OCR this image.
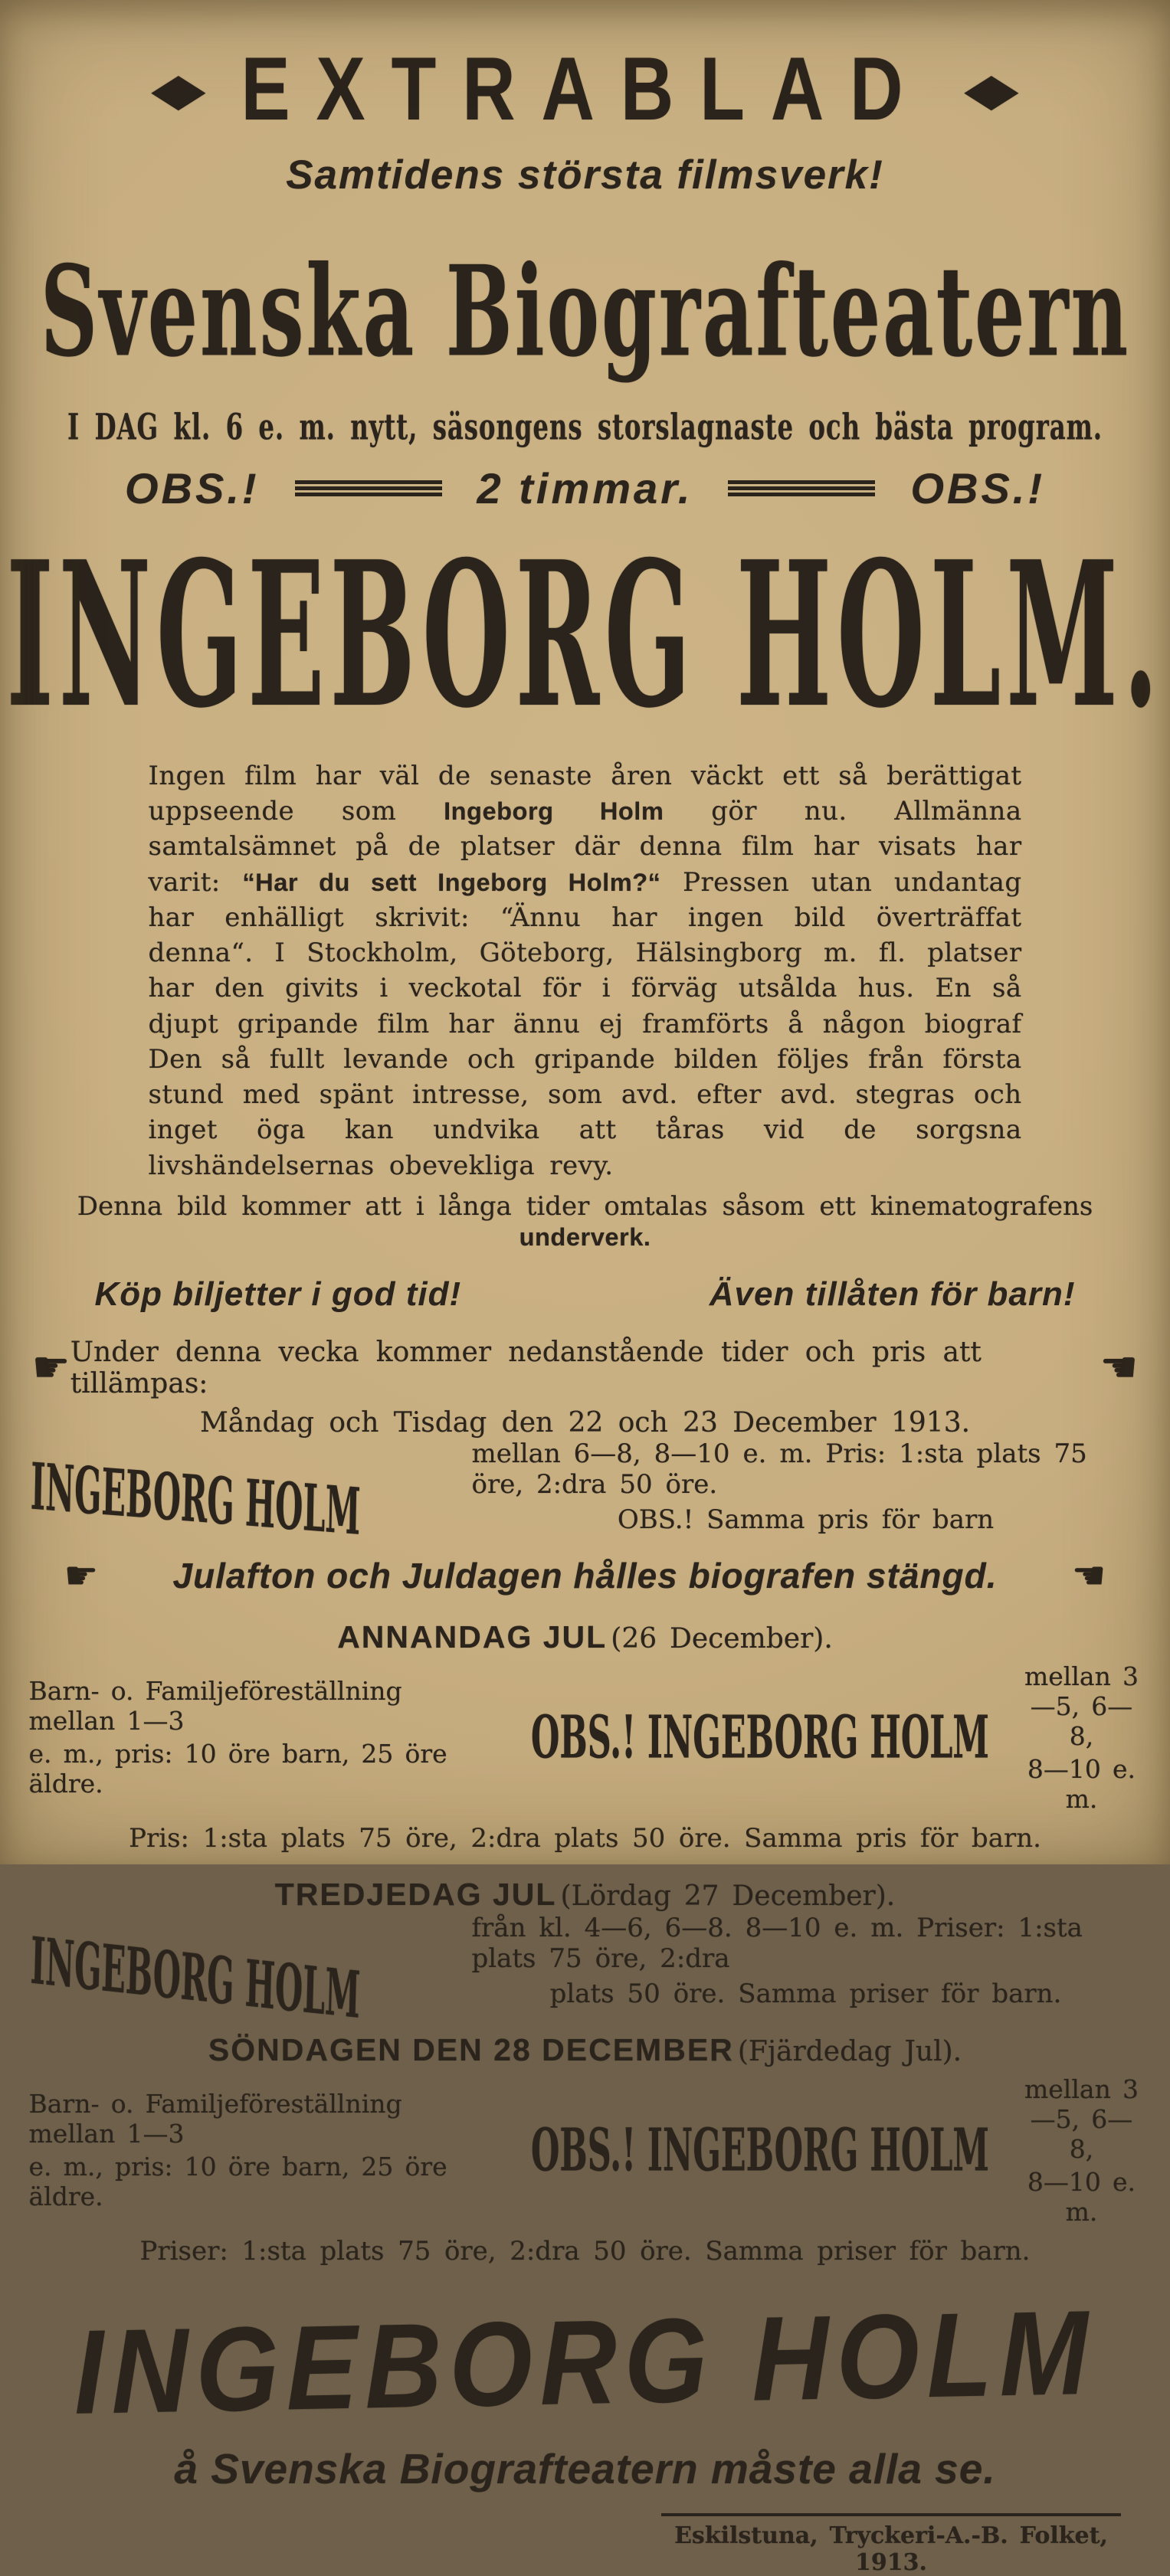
◆ EXTRABLAD ◆
Samtidens största filmsverk!
Svenska Biografteatern
I DAG kl. 6 e. m. nytt, säsongens storslagnaste och bästa program.
OBS.!	2 timmar.	OBS.!
INGEBORG HOLM.
Ingen film har väl de senaste åren väckt ett så berättigat uppseende som Ingeborg Holm gör nu. Allmänna samtalsämnet på de platser där denna film har visats har varit: “Har du sett Ingeborg Holm?“ Pressen utan undantag har enhälligt skrivit: “Ännu har ingen bild överträffat denna“. I Stockholm, Göteborg, Hälsingborg m. fl. platser har den givits i veckotal för i förväg utsålda hus. En så djupt gripande film har ännu ej framförts å någon biograf Den så fullt levande och gripande bilden följes från första stund med spänt intresse, som avd. efter avd. stegras och inget öga kan undvika att tåras vid de sorgsna livshändelsernas obevekliga revy.
Denna bild kommer att i långa tider omtalas såsom ett kinematografens underverk.
Köp biljetter i god tid!	Även tillåten för barn!
☛ Under denna vecka kommer nedanstående tider och pris att tillämpas:	☚
Måndag och Tisdag den 22 och 23 December 1913.
INGEBORG HOLM	mellan 6—8, 8—10 e. m. Pris: 1:sta plats 75 öre, 2:dra 50 öre.
OBS.! Samma pris för barn
☛ Julafton och Juldagen hålles biografen stängd. ☚
ANNANDAG JUL (26 December).
Barn- o. Familjeföreställning mellan 1—3
e. m., pris: 10 öre barn, 25 öre äldre.
OBS.! INGEBORG HOLM
mellan 3—5, 6—8,
8—10 e. m.
Pris: 1:sta plats 75 öre, 2:dra plats 50 öre. Samma pris för barn.
TREDJEDAG JUL (Lördag 27 December).
INGEBORG HOLM	från kl. 4—6, 6—8. 8—10 e. m. Priser: 1:sta plats 75 öre, 2:dra
plats 50 öre. Samma priser för barn.
SÖNDAGEN DEN 28 DECEMBER (Fjärdedag Jul).
Barn- o. Familjeföreställning mellan 1—3
e. m., pris: 10 öre barn, 25 öre äldre.
OBS.! INGEBORG HOLM
mellan 3—5, 6—8,
8—10 e. m.
Priser: 1:sta plats 75 öre, 2:dra 50 öre. Samma priser för barn.
INGEBORG HOLM
å Svenska Biografteatern måste alla se.
Eskilstuna, Tryckeri-A.-B. Folket, 1913.
